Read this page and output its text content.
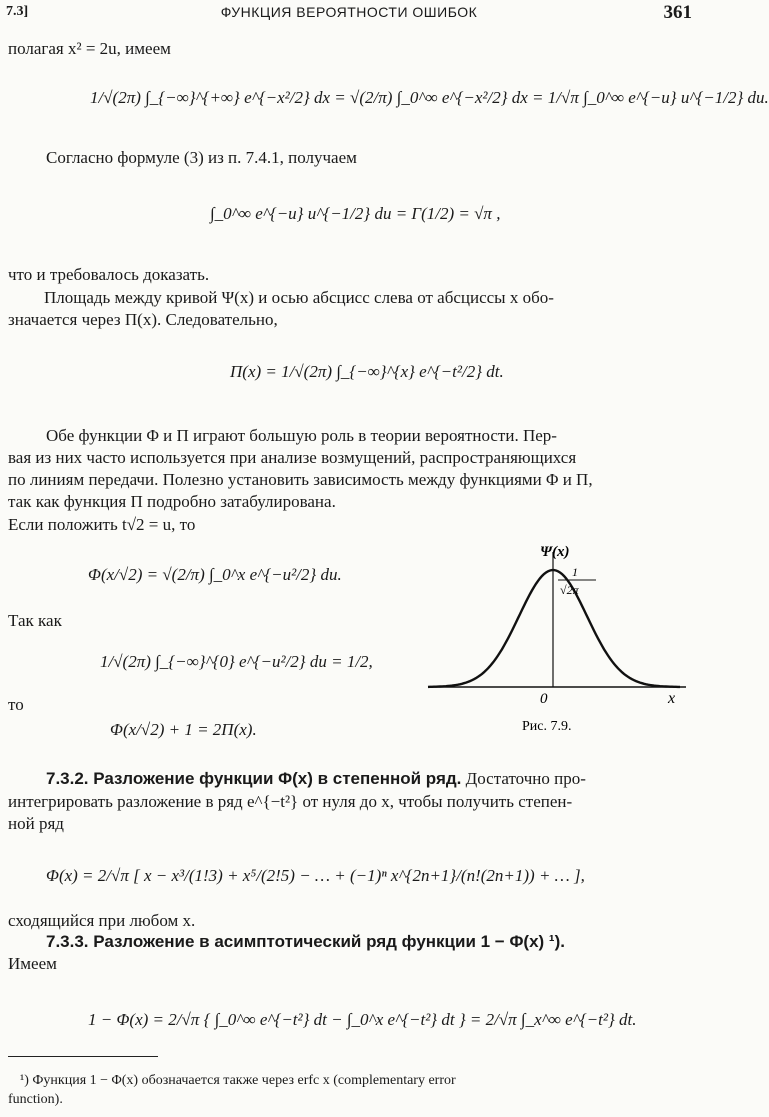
7.3]	ФУНКЦИЯ ВЕРОЯТНОСТИ ОШИБОК	361
полагая x² = 2u, имеем
1/√(2π) ∫_{−∞}^{+∞} e^{−x²/2} dx = √(2/π) ∫_0^∞ e^{−x²/2} dx = 1/√π ∫_0^∞ e^{−u} u^{−1/2} du.
Согласно формуле (3) из п. 7.4.1, получаем
∫_0^∞ e^{−u} u^{−1/2} du = Γ(1/2) = √π ,
что и требовалось доказать.
Площадь между кривой Ψ(x) и осью абсцисс слева от абсциссы x обо-
значается через Π(x). Следовательно,
Π(x) = 1/√(2π) ∫_{−∞}^{x} e^{−t²/2} dt.
Обе функции Φ и Π играют большую роль в теории вероятности. Пер-
вая из них часто используется при анализе возмущений, распространяющихся
по линиям передачи. Полезно установить зависимость между функциями Φ и Π,
так как функция Π подробно затабулирована.
Если положить t√2 = u, то
Φ(x/√2) = √(2/π) ∫_0^x e^{−u²/2} du.
Так как
1/√(2π) ∫_{−∞}^{0} e^{−u²/2} du = 1/2,
то
Φ(x/√2) + 1 = 2Π(x).
Ψ(x)
1
√2π
0	x
Рис. 7.9.
7.3.2. Разложение функции Φ(x) в степенной ряд. Достаточно про-
интегрировать разложение в ряд e^{−t²} от нуля до x, чтобы получить степен-
ной ряд
Φ(x) = 2/√π [ x − x³/(1!3) + x⁵/(2!5) − … + (−1)ⁿ x^{2n+1}/(n!(2n+1)) + … ],
сходящийся при любом x.
7.3.3. Разложение в асимптотический ряд функции 1 − Φ(x) ¹).
Имеем
1 − Φ(x) = 2/√π { ∫_0^∞ e^{−t²} dt − ∫_0^x e^{−t²} dt } = 2/√π ∫_x^∞ e^{−t²} dt.
¹) Функция 1 − Φ(x) обозначается также через erfc x (complementary error
function).
